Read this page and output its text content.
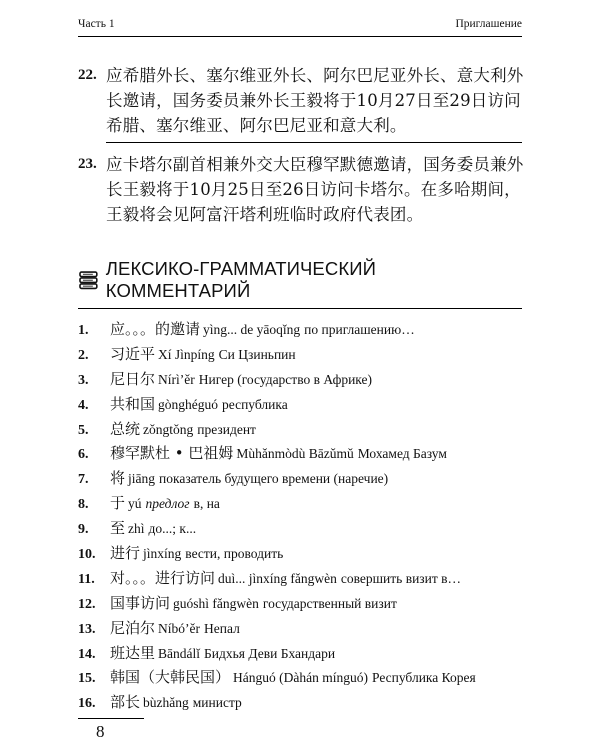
Часть 1	Приглашение
22. 应希腊外长、塞尔维亚外长、阿尔巴尼亚外长、意大利外长邀请，国务委员兼外长王毅将于10月27日至29日访问希腊、塞尔维亚、阿尔巴尼亚和意大利。
23. 应卡塔尔副首相兼外交大臣穆罕默德邀请，国务委员兼外长王毅将于10月25日至26日访问卡塔尔。在多哈期间，王毅将会见阿富汗塔利班临时政府代表团。
ЛЕКСИКО-ГРАММАТИЧЕСКИЙ КОММЕНТАРИЙ
1.	应。。。的邀请 yìng... de yāoqǐng по приглашению…
2.	习近平 Xí Jìnpíng Си Цзиньпин
3.	尼日尔 Nírì’ěr Нигер (государство в Африке)
4.	共和国 gònghéguó республика
5.	总统 zǒngtǒng президент
6.	穆罕默杜 • 巴祖姆 Mùhǎnmòdù Bāzǔmǔ Мохамед Базум
7.	将 jiāng показатель будущего времени (наречие)
8.	于 yú предлог в, на
9.	至 zhì до...; к...
10. 进行 jìnxíng вести, проводить
11.	对。。。进行访问 duì... jìnxíng fǎngwèn совершить визит в…
12. 国事访问 guóshì fǎngwèn государственный визит
13. 尼泊尔 Níbó’ěr Непал
14. 班达里 Bāndálǐ Бидхья Деви Бхандари
15. 韩国（大韩民国） Hánguó (Dàhán mínguó) Республика Корея
16. 部长 bùzhǎng министр
8
